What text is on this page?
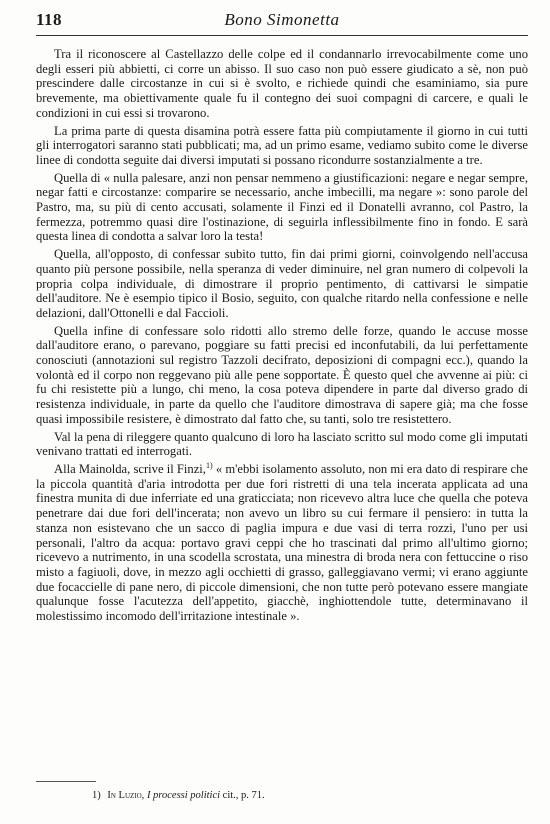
118	Bono Simonetta

Tra il riconoscere al Castellazzo delle colpe ed il condannarlo irrevocabilmente come uno degli esseri più abbietti, ci corre un abisso. Il suo caso non può essere giudicato a sè, non può prescindere dalle circostanze in cui si è svolto, e richiede quindi che esaminiamo, sia pure brevemente, ma obiettivamente quale fu il contegno dei suoi compagni di carcere, e quali le condizioni in cui essi si trovarono.

La prima parte di questa disamina potrà essere fatta più compiutamente il giorno in cui tutti gli interrogatori saranno stati pubblicati; ma, ad un primo esame, vediamo subito come le diverse linee di condotta seguite dai diversi imputati si possano ricondurre sostanzialmente a tre.

Quella di « nulla palesare, anzi non pensar nemmeno a giustificazioni: negare e negar sempre, negar fatti e circostanze: comparire se necessario, anche imbecilli, ma negare »: sono parole del Pastro, ma, su più di cento accusati, solamente il Finzi ed il Donatelli avranno, col Pastro, la fermezza, potremmo quasi dire l'ostinazione, di seguirla inflessibilmente fino in fondo. E sarà questa linea di condotta a salvar loro la testa!

Quella, all'opposto, di confessar subito tutto, fin dai primi giorni, coinvolgendo nell'accusa quanto più persone possibile, nella speranza di veder diminuire, nel gran numero di colpevoli la propria colpa individuale, di dimostrare il proprio pentimento, di cattivarsi le simpatie dell'auditore. Ne è esempio tipico il Bosio, seguito, con qualche ritardo nella confessione e nelle delazioni, dall'Ottonelli e dal Faccioli.

Quella infine di confessare solo ridotti allo stremo delle forze, quando le accuse mosse dall'auditore erano, o parevano, poggiare su fatti precisi ed inconfutabili, da lui perfettamente conosciuti (annotazioni sul registro Tazzoli decifrato, deposizioni di compagni ecc.), quando la volontà ed il corpo non reggevano più alle pene sopportate. È questo quel che avvenne ai più: ci fu chi resistette più a lungo, chi meno, la cosa poteva dipendere in parte dal diverso grado di resistenza individuale, in parte da quello che l'auditore dimostrava di sapere già; ma che fosse quasi impossibile resistere, è dimostrato dal fatto che, su tanti, solo tre resistettero.

Val la pena di rileggere quanto qualcuno di loro ha lasciato scritto sul modo come gli imputati venivano trattati ed interrogati.

Alla Mainolda, scrive il Finzi,$^{1)}$ « m'ebbi isolamento assoluto, non mi era dato di respirare che la piccola quantità d'aria introdotta per due fori ristretti di una tela incerata applicata ad una finestra munita di due inferriate ed una graticciata; non ricevevo altra luce che quella che poteva penetrare dai due fori dell'incerata; non avevo un libro su cui fermare il pensiero: in tutta la stanza non esistevano che un sacco di paglia impura e due vasi di terra rozzi, l'uno per usi personali, l'altro da acqua: portavo gravi ceppi che ho trascinati dal primo all'ultimo giorno; ricevevo a nutrimento, in una scodella scrostata, una minestra di broda nera con fettuccine o riso misto a fagiuoli, dove, in mezzo agli occhietti di grasso, galleggiavano vermi; vi erano aggiunte due focaccielle di pane nero, di piccole dimensioni, che non tutte però potevano essere mangiate qualunque fosse l'acutezza dell'appetito, giacchè, inghiottendole tutte, determinavano il molestissimo incomodo dell'irritazione intestinale ».

1) In Luzio, I processi politici cit., p. 71.
